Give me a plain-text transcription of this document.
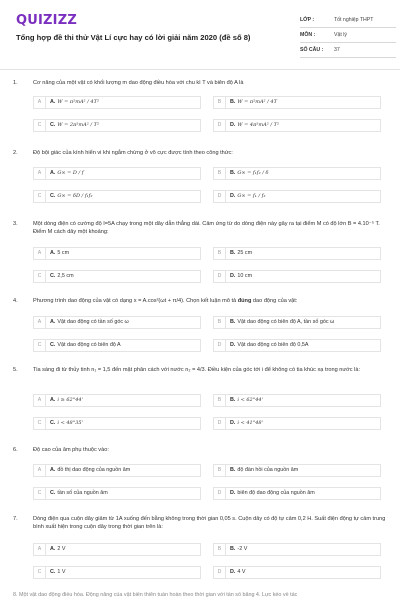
QUIZIZZ
Tổng hợp đề thi thử Vật Lí cực hay có lời giải năm 2020 (đề số 8)
LỚP :	Tốt nghiệp THPT
MÔN :	Vật lý
SỐ CÂU :	37
1.	Cơ năng của một vật có khối lượng m dao động điều hòa với chu kì T và biên độ A là
A	A. W = π²mA² / 4T²	B	B. W = π²mA² / 4T
C	C. W = 2π²mA² / T²	D	D. W = 4π²mA² / T²
2.	Độ bội giác của kính hiển vi khi ngắm chừng ở vô cực được tính theo công thức:
A	A. G∞ = D / f	B	B. G∞ = f₁f₂ / δ
C	C. G∞ = δD / f₁f₂	D	D. G∞ = f₁ / f₂
3.	Một dòng điện có cường độ I=5A chạy trong một dây dẫn thẳng dài. Cảm ứng từ do dòng điện này gây ra tại điểm M có độ lớn B = 4.10⁻⁵ T. Điểm M cách dây một khoảng:
A	A. 5 cm	B	B. 25 cm
C	C. 2,5 cm	D	D. 10 cm
4.	Phương trình dao động của vật có dạng x = A.cos²(ωt + π/4). Chọn kết luận mô tả đúng dao động của vật:
A	A. Vật dao động có tần số góc ω	B	B. Vật dao động có biên độ A, tần số góc ω
C	C. Vật dao động có biên độ A	D	D. Vật dao động có biên độ 0,5A
5.	Tia sáng đi từ thủy tinh n₁ = 1,5 đến mặt phân cách với nước n₂ = 4/3. Điều kiện của góc tới i để không có tia khúc xạ trong nước là:
A	A. i ≥ 62°44'	B	B. i < 62°44'
C	C. i < 48°35'	D	D. i < 41°48'
6.	Độ cao của âm phụ thuộc vào:
A	A. đồ thị dao động của nguồn âm	B	B. độ đàn hồi của nguồn âm
C	C. tần số của nguồn âm	D	D. biên độ dao động của nguồn âm
7.	Dòng điện qua cuộn dây giảm từ 1A xuống đến bằng không trong thời gian 0,05 s. Cuộn dây có độ tự cảm 0,2 H. Suất điện động tự cảm trung bình xuất hiện trong cuộn dây trong thời gian trên là:
A	A. 2 V	B	B. -2 V
C	C. 1 V	D	D. 4 V
8. Một vật dao động điều hòa. Động năng của vật biến thiên tuần hoàn theo thời gian với tần số bằng 4. Lực kéo về tác
